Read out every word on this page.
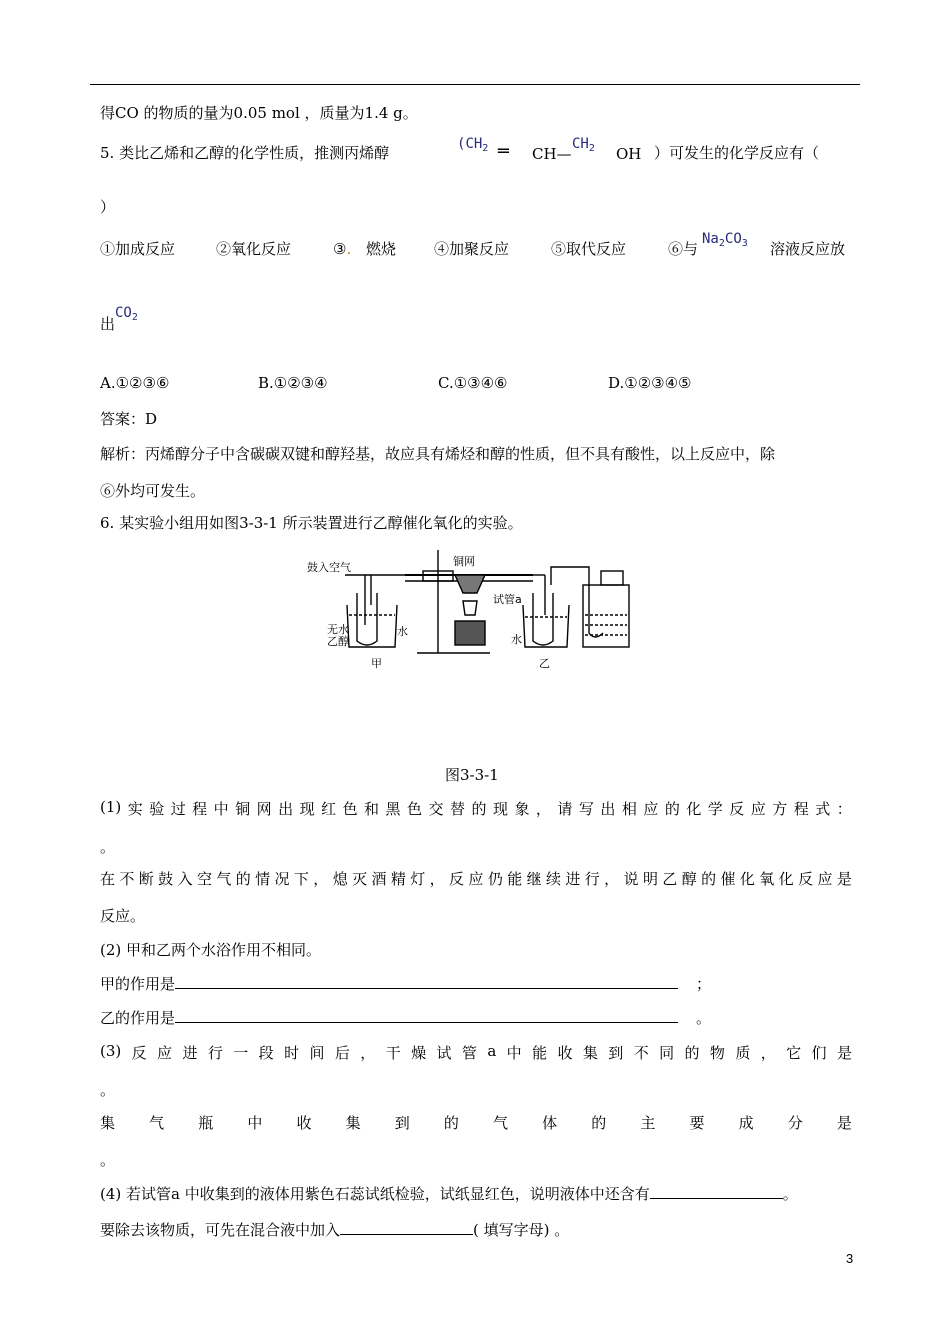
得CO 的物质的量为0.05 mol ，质量为1.4 g。
5. 类比乙烯和乙醇的化学性质，推测丙烯醇	($CH_2$ ═ CH—
$CH_2$ OH ）可发生的化学反应有（
）
①加成反应	②氧化反应	③. 燃烧	④加聚反应	⑤取代反应	⑥与
$Na_2CO_3$ 溶液反应放
出
$CO_2$
A.①②③⑥	B.①②③④	C.①③④⑥	D.①②③④⑤
答案：D
解析：丙烯醇分子中含碳碳双键和醇羟基，故应具有烯烃和醇的性质，但不具有酸性，以上反应中，除
⑥外均可发生。
6. 某实验小组用如图3-3-1 所示装置进行乙醇催化氧化的实验。
鼓入空气	铜网
试管a
无水
乙醇
水
水
甲	乙
图3-3-1
(1) 实 验 过 程 中 铜 网 出 现 红 色 和 黑 色 交 替 的 现 象 ， 请 写 出 相 应 的 化 学 反 应 方 程 式 ：
。
在 不 断 鼓 入 空 气 的 情 况 下 ， 熄 灭 酒 精 灯 ， 反 应 仍 能 继 续 进 行 ， 说 明 乙 醇 的 催 化 氧 化 反 应 是
反应。
(2) 甲和乙两个水浴作用不相同。
甲的作用是	；
乙的作用是	。
(3) 反 应 进 行 一 段 时 间 后 ， 干 燥 试 管 a 中 能 收 集 到 不 同 的 物 质 ， 它 们 是
。
集 气 瓶 中 收 集 到 的 气 体 的 主 要 成 分 是
。
(4) 若试管a 中收集到的液体用紫色石蕊试纸检验，试纸显红色，说明液体中还含有	。
要除去该物质，可先在混合液中加入	( 填写字母) 。
3
